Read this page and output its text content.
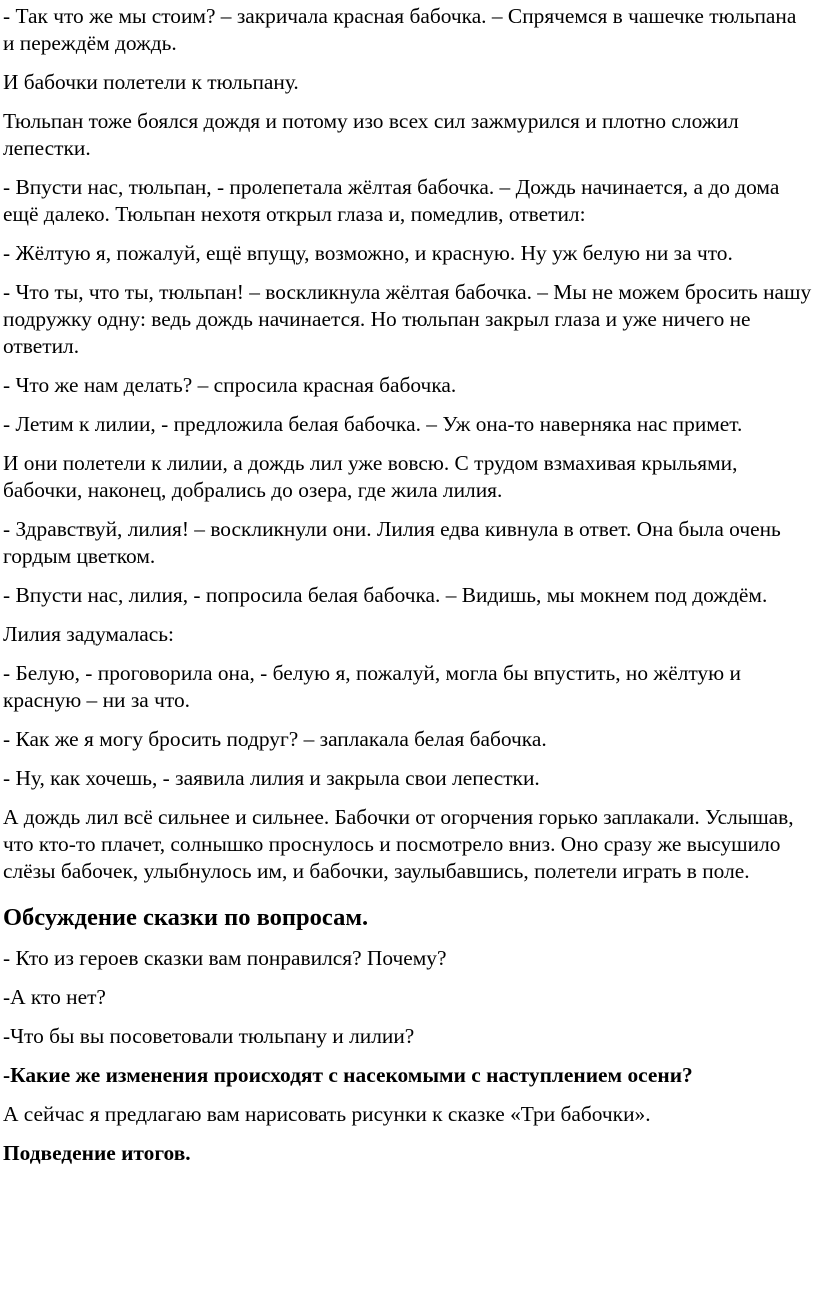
- Так что же мы стоим? – закричала красная бабочка. – Спрячемся в чашечке тюльпана и переждём дождь.

И бабочки полетели к тюльпану.

Тюльпан тоже боялся дождя и потому изо всех сил зажмурился и плотно сложил лепестки.

- Впусти нас, тюльпан, - пролепетала жёлтая бабочка. – Дождь начинается, а до дома ещё далеко. Тюльпан нехотя открыл глаза и, помедлив, ответил:

- Жёлтую я, пожалуй, ещё впущу, возможно, и красную. Ну уж белую ни за что.

- Что ты, что ты, тюльпан! – воскликнула жёлтая бабочка. – Мы не можем бросить нашу подружку одну: ведь дождь начинается. Но тюльпан закрыл глаза и уже ничего не ответил.

- Что же нам делать? – спросила красная бабочка.

- Летим к лилии, - предложила белая бабочка. – Уж она-то наверняка нас примет.

И они полетели к лилии, а дождь лил уже вовсю. С трудом взмахивая крыльями, бабочки, наконец, добрались до озера, где жила лилия.

- Здравствуй, лилия! – воскликнули они. Лилия едва кивнула в ответ. Она была очень гордым цветком.

- Впусти нас, лилия, - попросила белая бабочка. – Видишь, мы мокнем под дождём.

Лилия задумалась:

- Белую, - проговорила она, - белую я, пожалуй, могла бы впустить, но жёлтую и красную – ни за что.

- Как же я могу бросить подруг? – заплакала белая бабочка.

- Ну, как хочешь, - заявила лилия и закрыла свои лепестки.

А дождь лил всё сильнее и сильнее. Бабочки от огорчения горько заплакали. Услышав, что кто-то плачет, солнышко проснулось и посмотрело вниз. Оно сразу же высушило слёзы бабочек, улыбнулось им, и бабочки, заулыбавшись, полетели играть в поле.

Обсуждение сказки по вопросам.

- Кто из героев сказки вам понравился? Почему?

-А кто нет?

-Что бы вы посоветовали тюльпану и лилии?

-Какие же изменения происходят с насекомыми с наступлением осени?

А сейчас я предлагаю вам нарисовать рисунки к сказке «Три бабочки».

Подведение итогов.
